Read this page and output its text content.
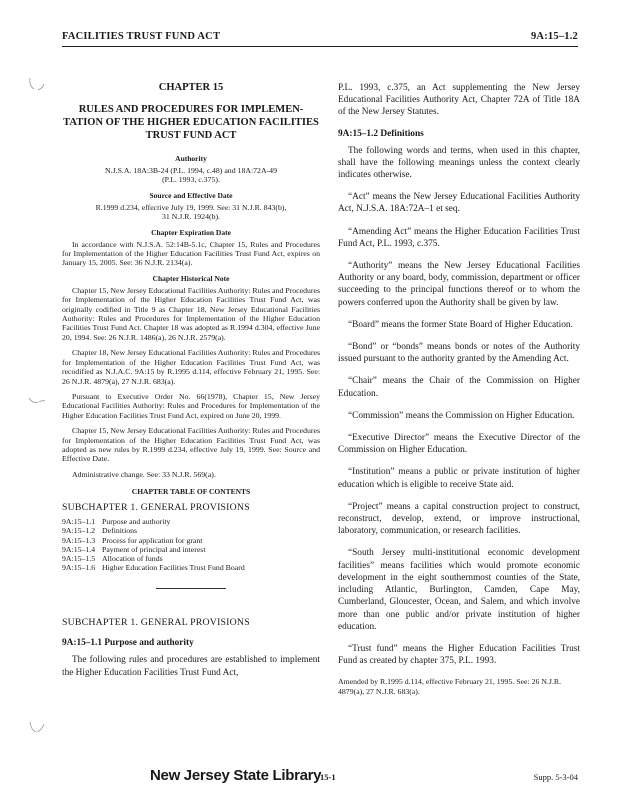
FACILITIES TRUST FUND ACT	9A:15–1.2
CHAPTER 15
RULES AND PROCEDURES FOR IMPLEMEN-TATION OF THE HIGHER EDUCATION FACILITIES TRUST FUND ACT
Authority
N.J.S.A. 18A:3B-24 (P.L. 1994, c.48) and 18A:72A-49 (P.L. 1993, c.375).
Source and Effective Date
R.1999 d.234, effective July 19, 1999. See: 31 N.J.R. 843(b), 31 N.J.R. 1924(b).
Chapter Expiration Date
In accordance with N.J.S.A. 52:14B-5.1c, Chapter 15, Rules and Procedures for Implementation of the Higher Education Facilities Trust Fund Act, expires on January 15, 2005. See: 36 N.J.R. 2134(a).
Chapter Historical Note
Chapter 15, New Jersey Educational Facilities Authority: Rules and Procedures for Implementation of the Higher Education Facilities Trust Fund Act, was originally codified in Title 9 as Chapter 18, New Jersey Educational Facilities Authority: Rules and Procedures for Implementation of the Higher Education Facilities Trust Fund Act. Chapter 18 was adopted as R.1994 d.304, effective June 20, 1994. See: 26 N.J.R. 1486(a), 26 N.J.R. 2579(a).
Chapter 18, New Jersey Educational Facilities Authority: Rules and Procedures for Implementation of the Higher Education Facilities Trust Fund Act, was recodified as N.J.A.C. 9A:15 by R.1995 d.114, effective February 21, 1995. See: 26 N.J.R. 4879(a), 27 N.J.R. 683(a).
Pursuant to Executive Order No. 66(1978), Chapter 15, New Jersey Educational Facilities Authority: Rules and Procedures for Implementation of the Higher Education Facilities Trust Fund Act, expired on June 20, 1999.
Chapter 15, New Jersey Educational Facilities Authority: Rules and Procedures for Implementation of the Higher Education Facilities Trust Fund Act, was adopted as new rules by R.1999 d.234, effective July 19, 1999. See: Source and Effective Date.
Administrative change. See: 33 N.J.R. 569(a).
CHAPTER TABLE OF CONTENTS
SUBCHAPTER 1. GENERAL PROVISIONS
9A:15–1.1 Purpose and authority
9A:15–1.2 Definitions
9A:15–1.3 Process for application for grant
9A:15–1.4 Payment of principal and interest
9A:15–1.5 Allocation of funds
9A:15–1.6 Higher Education Facilities Trust Fund Board
SUBCHAPTER 1. GENERAL PROVISIONS
9A:15–1.1 Purpose and authority
The following rules and procedures are established to implement the Higher Education Facilities Trust Fund Act,
P.L. 1993, c.375, an Act supplementing the New Jersey Educational Facilities Authority Act, Chapter 72A of Title 18A of the New Jersey Statutes.
9A:15–1.2 Definitions
The following words and terms, when used in this chapter, shall have the following meanings unless the context clearly indicates otherwise.
“Act” means the New Jersey Educational Facilities Authority Act, N.J.S.A. 18A:72A–1 et seq.
“Amending Act” means the Higher Education Facilities Trust Fund Act, P.L. 1993, c.375.
“Authority” means the New Jersey Educational Facilities Authority or any board, body, commission, department or officer succeeding to the principal functions thereof or to whom the powers conferred upon the Authority shall be given by law.
“Board” means the former State Board of Higher Education.
“Bond” or “bonds” means bonds or notes of the Authority issued pursuant to the authority granted by the Amending Act.
“Chair” means the Chair of the Commission on Higher Education.
“Commission” means the Commission on Higher Education.
“Executive Director” means the Executive Director of the Commission on Higher Education.
“Institution” means a public or private institution of higher education which is eligible to receive State aid.
“Project” means a capital construction project to construct, reconstruct, develop, extend, or improve instructional, laboratory, communication, or research facilities.
“South Jersey multi-institutional economic development facilities” means facilities which would promote economic development in the eight southernmost counties of the State, including Atlantic, Burlington, Camden, Cape May, Cumberland, Gloucester, Ocean, and Salem, and which involve more than one public and/or private institution of higher education.
“Trust fund” means the Higher Education Facilities Trust Fund as created by chapter 375, P.L. 1993.
Amended by R.1995 d.114, effective February 21, 1995. See: 26 N.J.R. 4879(a), 27 N.J.R. 683(a).
New Jersey State Library
15-1	Supp. 5-3-04
